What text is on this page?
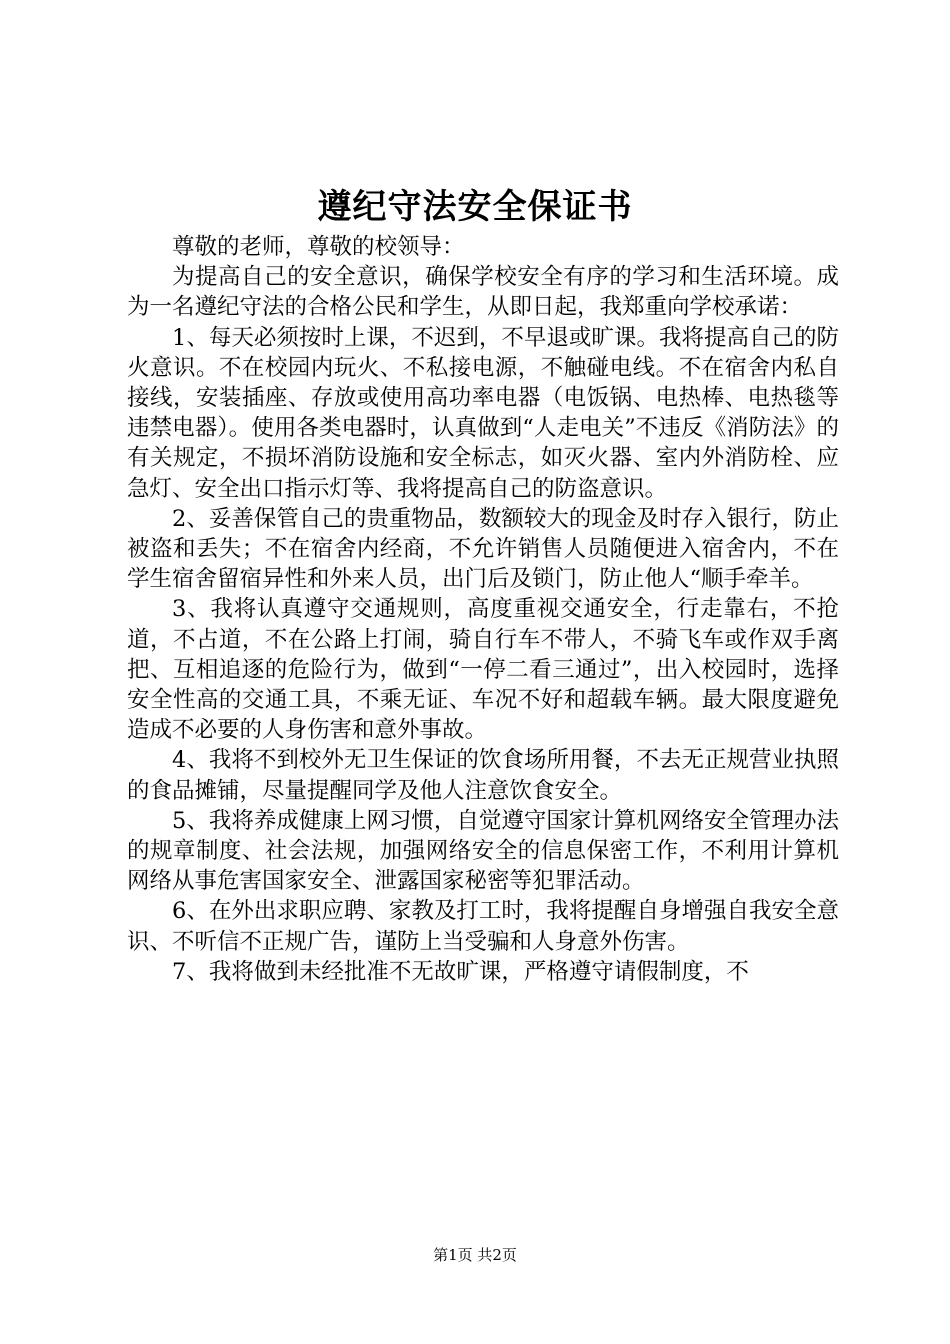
遵纪守法安全保证书

尊敬的老师，尊敬的校领导：

为提高自己的安全意识，确保学校安全有序的学习和生活环境。成为一名遵纪守法的合格公民和学生，从即日起，我郑重向学校承诺：

1、每天必须按时上课，不迟到，不早退或旷课。我将提高自己的防火意识。不在校园内玩火、不私接电源，不触碰电线。不在宿舍内私自接线，安装插座、存放或使用高功率电器（电饭锅、电热棒、电热毯等违禁电器）。使用各类电器时，认真做到“人走电关”不违反《消防法》的有关规定，不损坏消防设施和安全标志，如灭火器、室内外消防栓、应急灯、安全出口指示灯等、我将提高自己的防盗意识。

2、妥善保管自己的贵重物品，数额较大的现金及时存入银行，防止被盗和丢失；不在宿舍内经商，不允许销售人员随便进入宿舍内，不在学生宿舍留宿异性和外来人员，出门后及锁门，防止他人“顺手牵羊。

3、我将认真遵守交通规则，高度重视交通安全，行走靠右，不抢道，不占道，不在公路上打闹，骑自行车不带人，不骑飞车或作双手离把、互相追逐的危险行为，做到“一停二看三通过”，出入校园时，选择安全性高的交通工具，不乘无证、车况不好和超载车辆。最大限度避免造成不必要的人身伤害和意外事故。

4、我将不到校外无卫生保证的饮食场所用餐，不去无正规营业执照的食品摊铺，尽量提醒同学及他人注意饮食安全。

5、我将养成健康上网习惯，自觉遵守国家计算机网络安全管理办法的规章制度、社会法规，加强网络安全的信息保密工作，不利用计算机网络从事危害国家安全、泄露国家秘密等犯罪活动。

6、在外出求职应聘、家教及打工时，我将提醒自身增强自我安全意识、不听信不正规广告，谨防上当受骗和人身意外伤害。

7、我将做到未经批准不无故旷课，严格遵守请假制度，不

第1页 共2页
